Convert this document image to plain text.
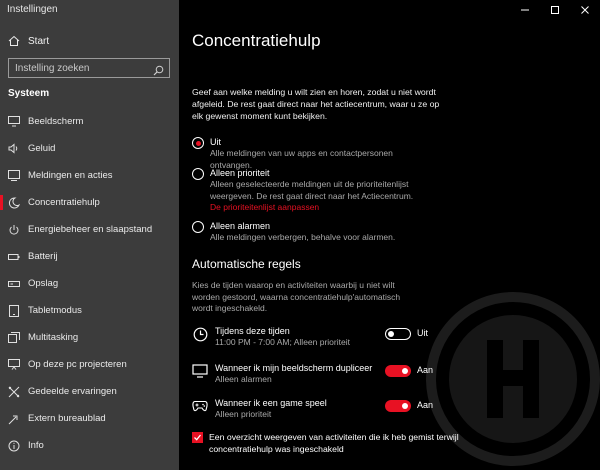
Instellingen
Start
Instelling zoeken
Systeem
Beeldscherm
Geluid
Meldingen en acties
Concentratiehulp
Energiebeheer en slaapstand
Batterij
Opslag
Tabletmodus
Multitasking
Op deze pc projecteren
Gedeelde ervaringen
Extern bureaublad
Info
Concentratiehulp
Geef aan welke melding u wilt zien en horen, zodat u niet wordt afgeleid. De rest gaat direct naar het actiecentrum, waar u ze op elk gewenst moment kunt bekijken.
Uit
Alle meldingen van uw apps en contactpersonen ontvangen.
Alleen prioriteit
Alleen geselecteerde meldingen uit de prioriteitenlijst weergeven. De rest gaat direct naar het Actiecentrum.
De prioriteitenlijst aanpassen
Alleen alarmen
Alle meldingen verbergen, behalve voor alarmen.
Automatische regels
Kies de tijden waarop en activiteiten waarbij u niet wilt worden gestoord, waarna concentratiehulp'automatisch wordt ingeschakeld.
Tijdens deze tijden
11:00 PM - 7:00 AM; Alleen prioriteit
Uit
Wanneer ik mijn beeldscherm dupliceer
Alleen alarmen
Aan
Wanneer ik een game speel
Alleen prioriteit
Aan
Een overzicht weergeven van activiteiten die ik heb gemist terwijl concentratiehulp was ingeschakeld
